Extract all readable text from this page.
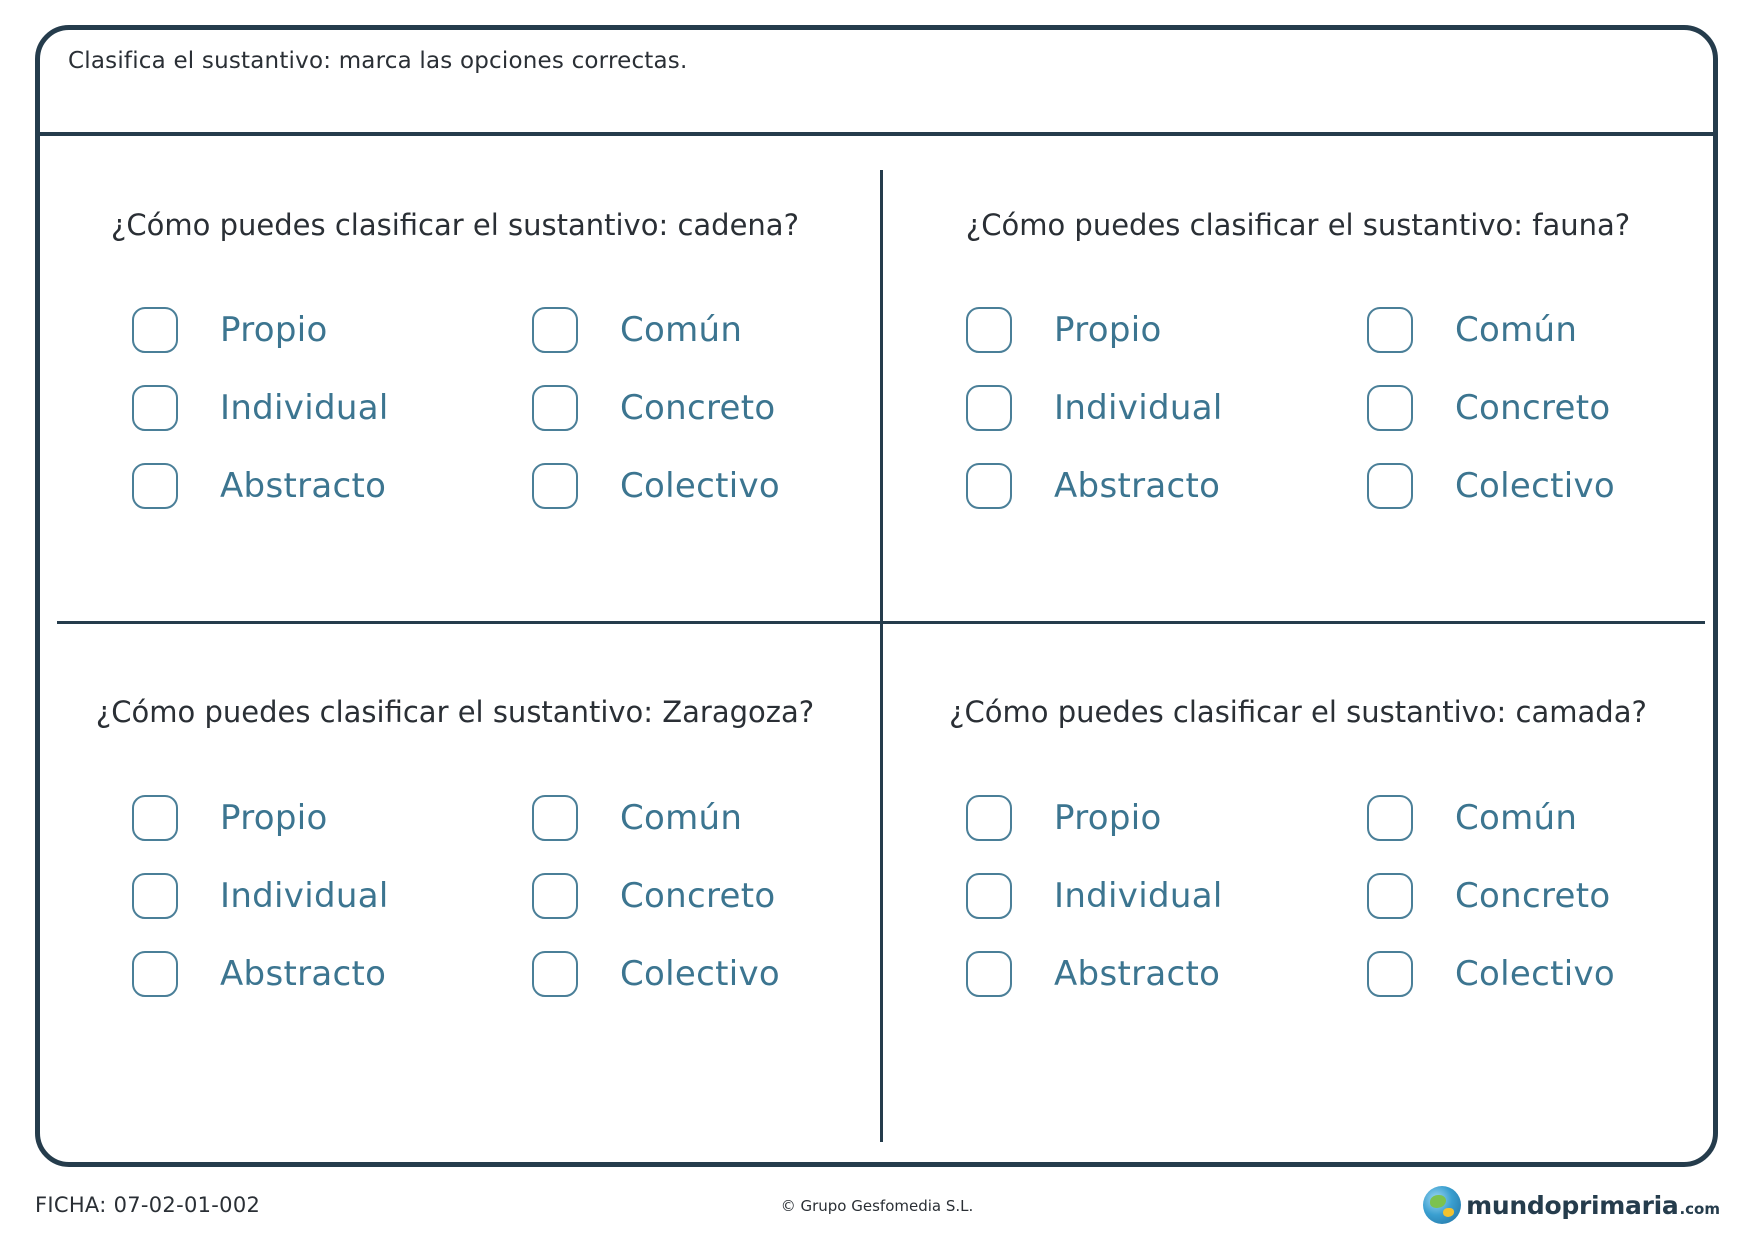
Clasifica el sustantivo: marca las opciones correctas.
¿Cómo puedes clasificar el sustantivo: cadena?
Propio	Común
Individual	Concreto
Abstracto	Colectivo
¿Cómo puedes clasificar el sustantivo: fauna?
Propio	Común
Individual	Concreto
Abstracto	Colectivo
¿Cómo puedes clasificar el sustantivo: Zaragoza?
Propio	Común
Individual	Concreto
Abstracto	Colectivo
¿Cómo puedes clasificar el sustantivo: camada?
Propio	Común
Individual	Concreto
Abstracto	Colectivo
FICHA: 07-02-01-002	© Grupo Gesfomedia S.L.	mundoprimaria .com
